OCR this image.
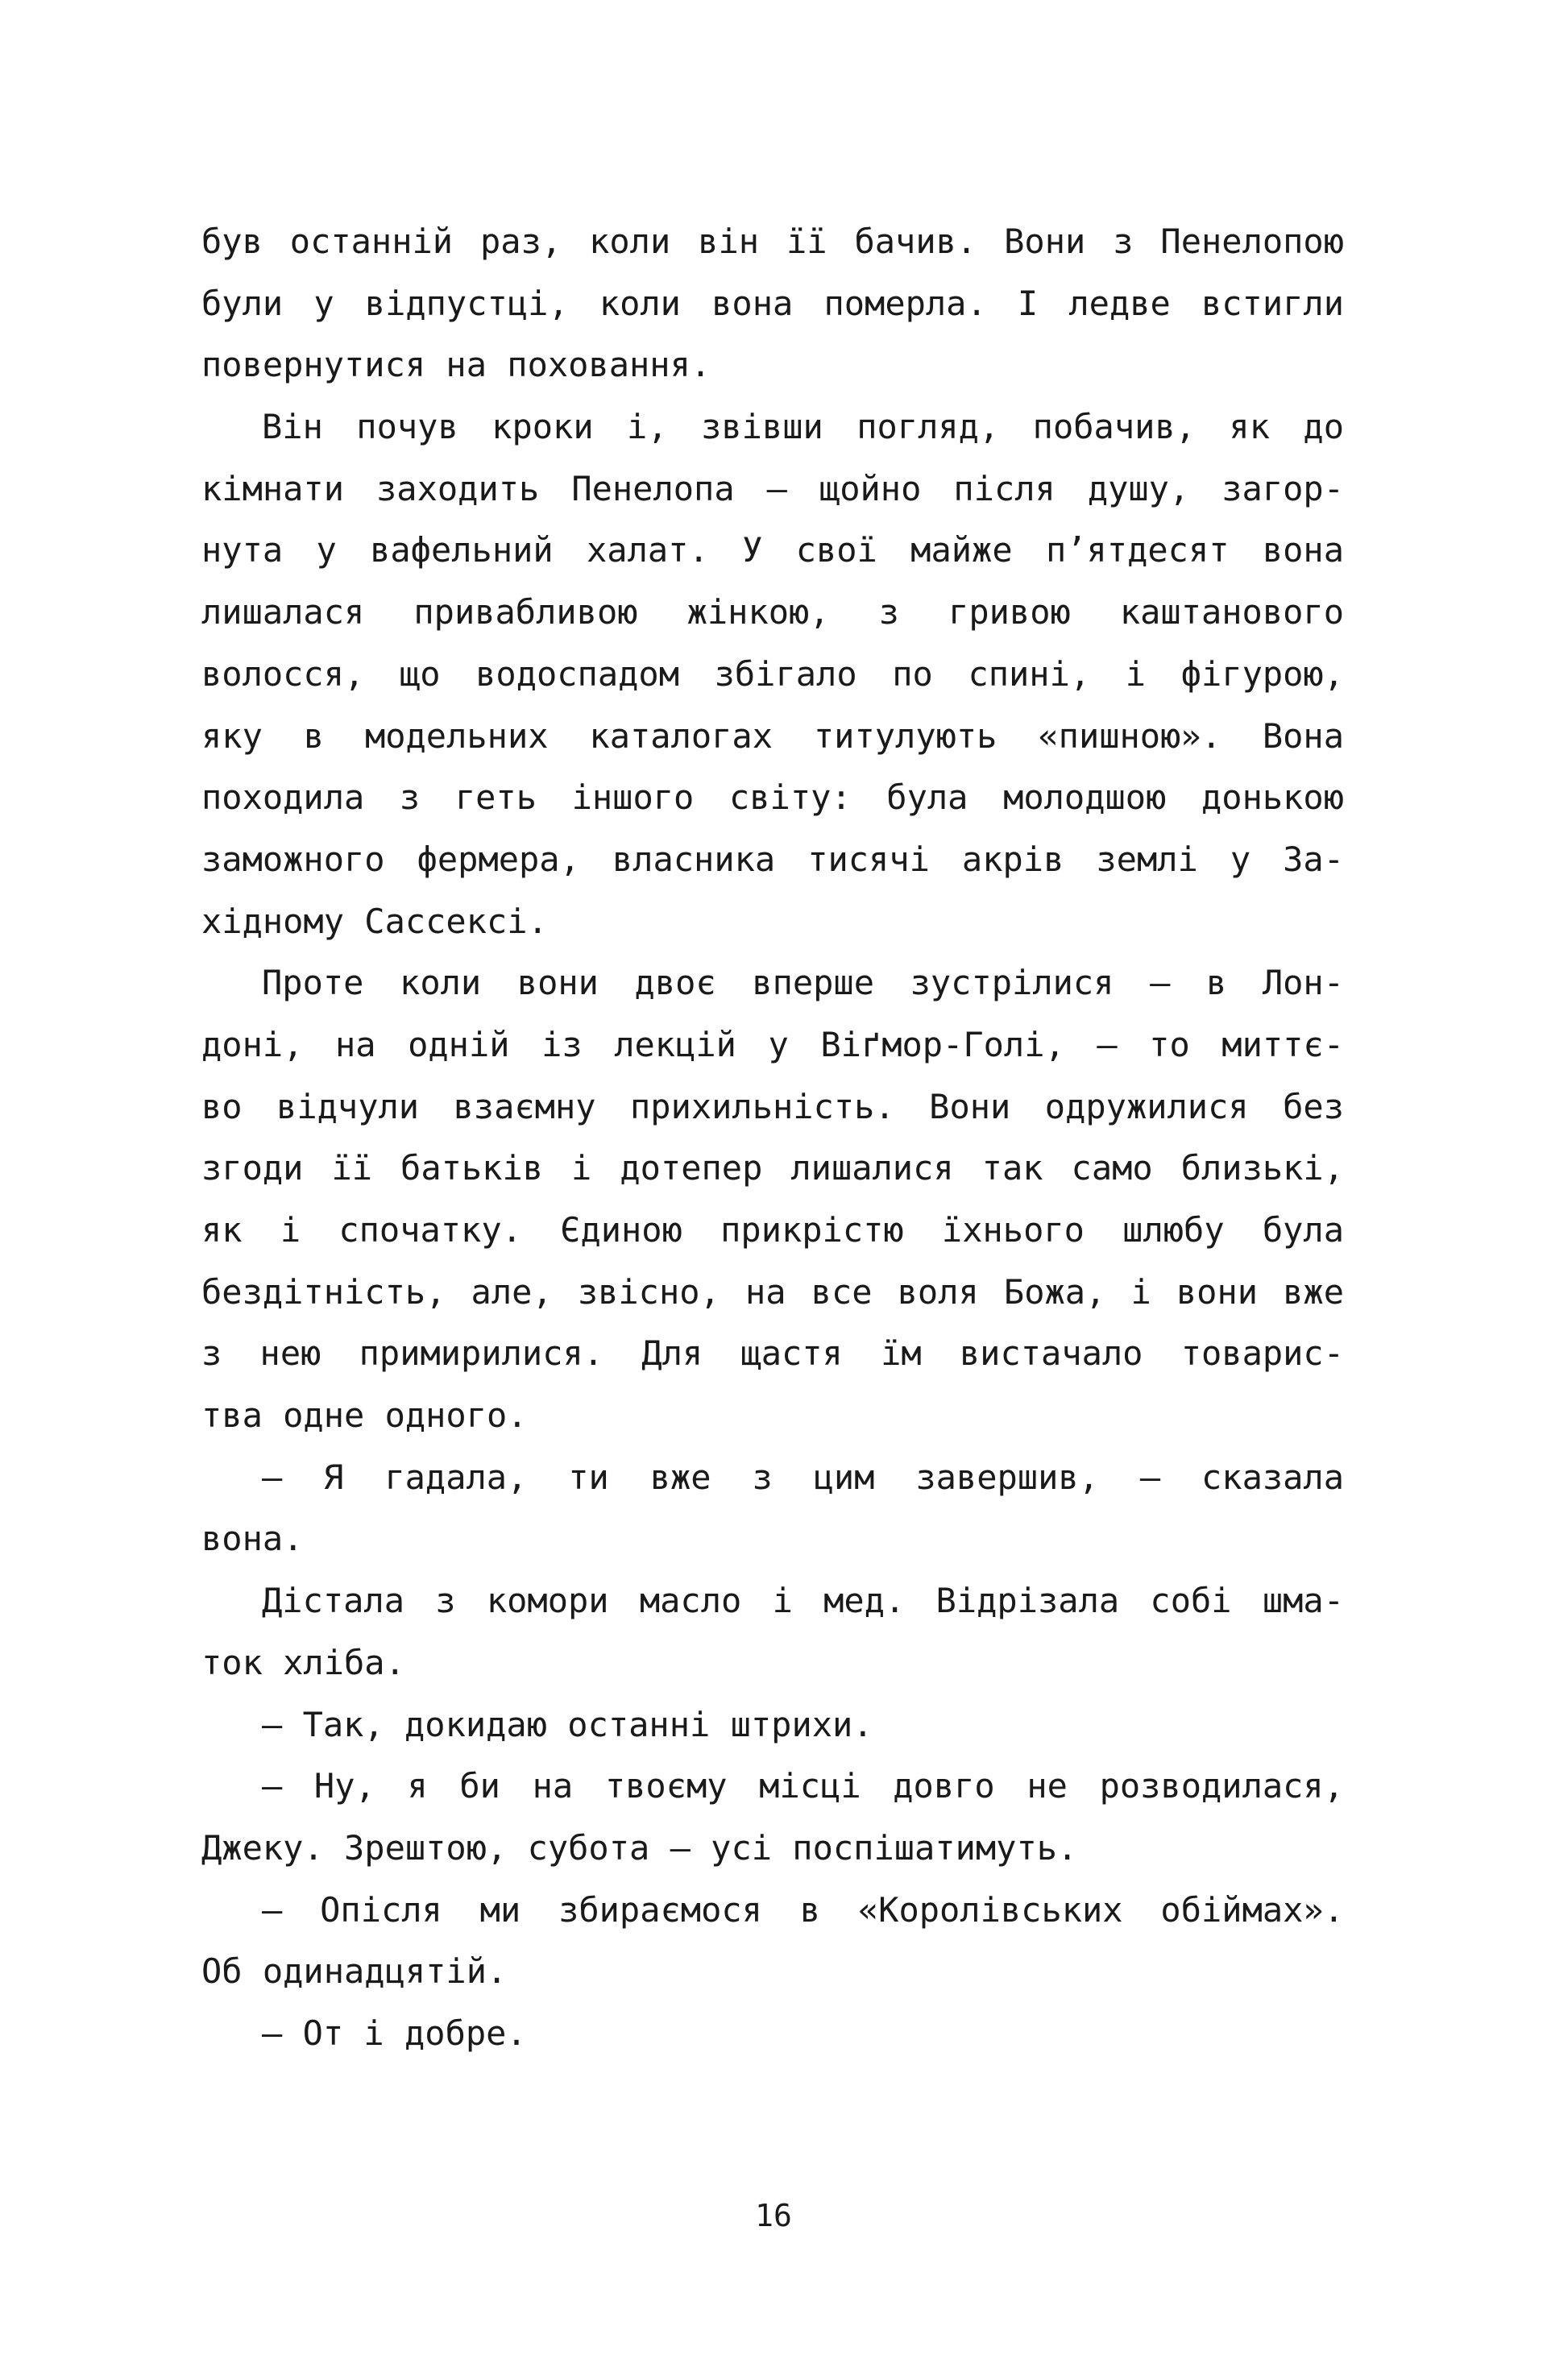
був останній раз, коли він її бачив. Вони з Пенелопою
були у відпустці, коли вона померла. І ледве встигли
повернутися на поховання.
Він почув кроки і, звівши погляд, побачив, як до
кімнати заходить Пенелопа — щойно після душу, загор-
нута у вафельний халат. У свої майже п’ятдесят вона
лишалася привабливою жінкою, з гривою каштанового
волосся, що водоспадом збігало по спині, і фігурою,
яку в модельних каталогах титулують «пишною». Вона
походила з геть іншого світу: була молодшою донькою
заможного фермера, власника тисячі акрів землі у За-
хідному Сассексі.
Проте коли вони двоє вперше зустрілися — в Лон-
доні, на одній із лекцій у Віґмор-Голі, — то миттє-
во відчули взаємну прихильність. Вони одружилися без
згоди її батьків і дотепер лишалися так само близькі,
як і спочатку. Єдиною прикрістю їхнього шлюбу була
бездітність, але, звісно, на все воля Божа, і вони вже
з нею примирилися. Для щастя їм вистачало товарис-
тва одне одного.
— Я гадала, ти вже з цим завершив, — сказала
вона.
Дістала з комори масло і мед. Відрізала собі шма-
ток хліба.
— Так, докидаю останні штрихи.
— Ну, я би на твоєму місці довго не розводилася,
Джеку. Зрештою, субота — усі поспішатимуть.
— Опісля ми збираємося в «Королівських обіймах».
Об одинадцятій.
— От і добре.
16
